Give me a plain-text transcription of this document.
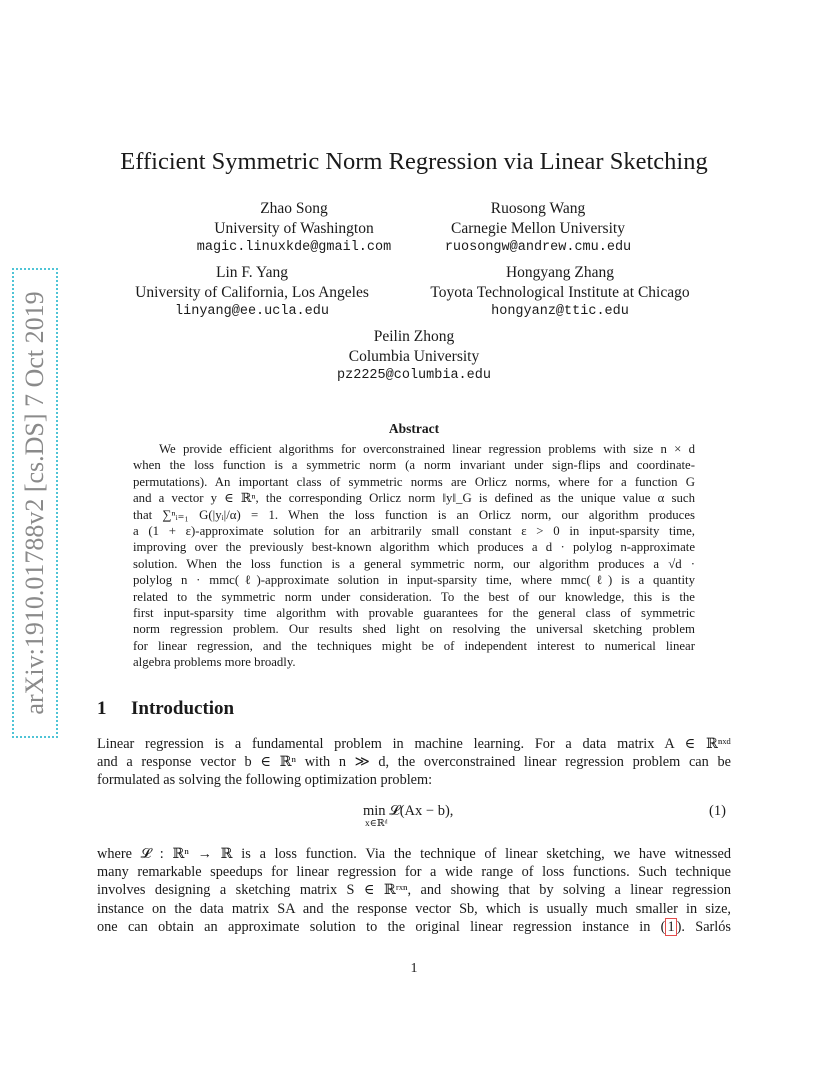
arXiv:1910.01788v2 [cs.DS] 7 Oct 2019
Efficient Symmetric Norm Regression via Linear Sketching
Zhao Song
University of Washington
magic.linuxkde@gmail.com
Ruosong Wang
Carnegie Mellon University
ruosongw@andrew.cmu.edu
Lin F. Yang
University of California, Los Angeles
linyang@ee.ucla.edu
Hongyang Zhang
Toyota Technological Institute at Chicago
hongyanz@ttic.edu
Peilin Zhong
Columbia University
pz2225@columbia.edu
Abstract
We provide efficient algorithms for overconstrained linear regression problems with size n × d
when the loss function is a symmetric norm (a norm invariant under sign-flips and coordinate-
permutations). An important class of symmetric norms are Orlicz norms, where for a function G
and a vector y ∈ ℝⁿ, the corresponding Orlicz norm ‖y‖_G is defined as the unique value α such
that ∑ⁿᵢ₌₁ G(|yᵢ|/α) = 1. When the loss function is an Orlicz norm, our algorithm produces
a (1 + ε)-approximate solution for an arbitrarily small constant ε > 0 in input-sparsity time,
improving over the previously best-known algorithm which produces a d · polylog n-approximate
solution. When the loss function is a general symmetric norm, our algorithm produces a √d ·
polylog n · mmc(ℓ)-approximate solution in input-sparsity time, where mmc(ℓ) is a quantity
related to the symmetric norm under consideration. To the best of our knowledge, this is the
first input-sparsity time algorithm with provable guarantees for the general class of symmetric
norm regression problem. Our results shed light on resolving the universal sketching problem
for linear regression, and the techniques might be of independent interest to numerical linear
algebra problems more broadly.
1 Introduction
Linear regression is a fundamental problem in machine learning. For a data matrix A ∈ ℝⁿˣᵈ
and a response vector b ∈ ℝⁿ with n ≫ d, the overconstrained linear regression problem can be
formulated as solving the following optimization problem:
min 𝓛(Ax − b),
x∈ℝᵈ
(1)
where 𝓛 : ℝⁿ → ℝ is a loss function. Via the technique of linear sketching, we have witnessed
many remarkable speedups for linear regression for a wide range of loss functions. Such technique
involves designing a sketching matrix S ∈ ℝʳˣⁿ, and showing that by solving a linear regression
instance on the data matrix SA and the response vector Sb, which is usually much smaller in size,
one can obtain an approximate solution to the original linear regression instance in ( 1 ). Sarlós
1
